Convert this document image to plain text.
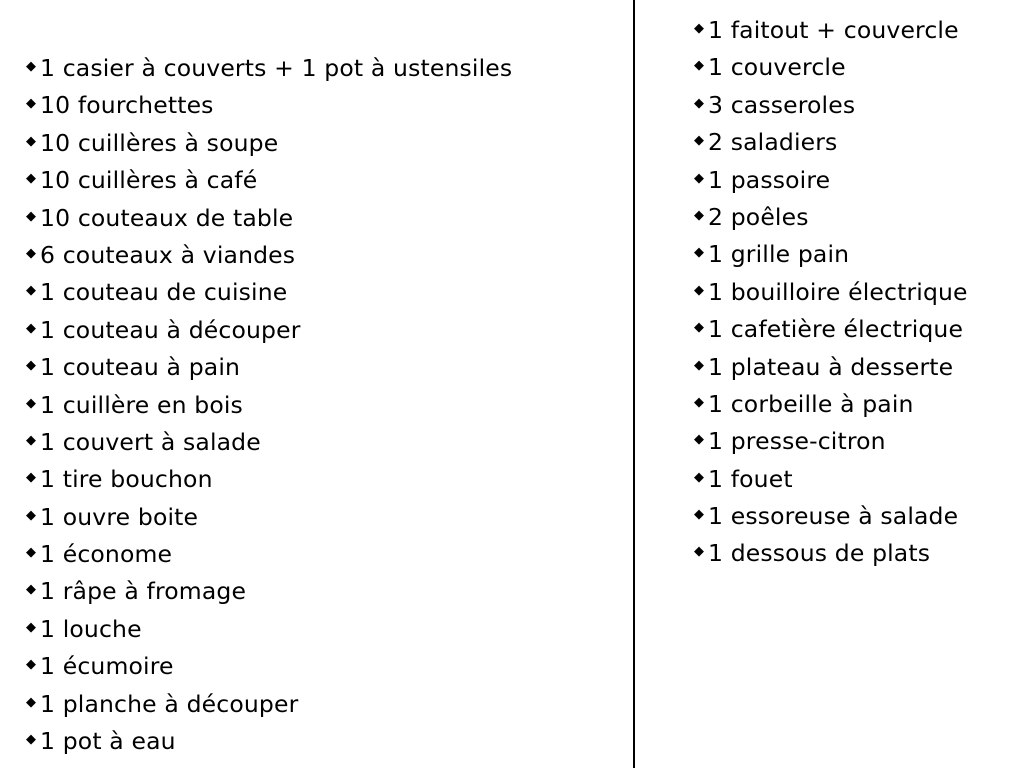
◆ 1 casier à couverts + 1 pot à ustensiles
◆ 10 fourchettes
◆ 10 cuillères à soupe
◆ 10 cuillères à café
◆ 10 couteaux de table
◆ 6 couteaux à viandes
◆ 1 couteau de cuisine
◆ 1 couteau à découper
◆ 1 couteau à pain
◆ 1 cuillère en bois
◆ 1 couvert à salade
◆ 1 tire bouchon
◆ 1 ouvre boite
◆ 1 économe
◆ 1 râpe à fromage
◆ 1 louche
◆ 1 écumoire
◆ 1 planche à découper
◆ 1 pot à eau
◆ 1 faitout + couvercle
◆ 1 couvercle
◆ 3 casseroles
◆ 2 saladiers
◆ 1 passoire
◆ 2 poêles
◆ 1 grille pain
◆ 1 bouilloire électrique
◆ 1 cafetière électrique
◆ 1 plateau à desserte
◆ 1 corbeille à pain
◆ 1 presse-citron
◆ 1 fouet
◆ 1 essoreuse à salade
◆ 1 dessous de plats
